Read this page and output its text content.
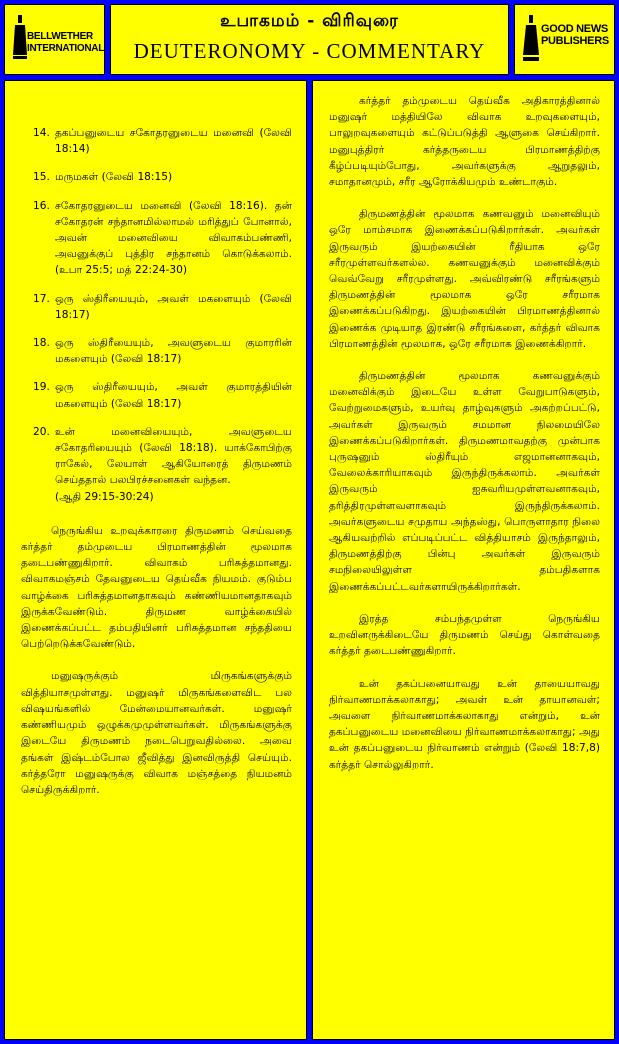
BELLWETHER
INTERNATIONAL
உபாகமம் - விரிவுரை
DEUTERONOMY - COMMENTARY
GOOD NEWS
PUBLISHERS
14. தகப்பனுடைய சகோதரனுடைய மனைவி (லேவி 18:14)
15. மருமகள் (லேவி 18:15)
16. சகோதரனுடைய மனைவி (லேவி 18:16). தன் சகோதரன் சந்தானமில்லாமல் மரித்துப் போனால், அவன் மனைவியை விவாகம்பண்ணி, அவனுக்குப் புத்திர சந்தானம் கொடுக்கலாம். (உபா 25:5; மத் 22:24-30)
17. ஒரு ஸ்திரீயையும், அவள் மகளையும் (லேவி 18:17)
18. ஒரு ஸ்திரீயையும், அவளுடைய குமாரரின் மகளையும் (லேவி 18:17)
19. ஒரு ஸ்திரீயையும், அவள் குமாரத்தியின் மகளையும் (லேவி 18:17)
20. உன் மனைவியையும், அவளுடைய சகோதரியையும் (லேவி 18:18). யாக்கோபிற்கு ராகேல், லேயாள் ஆகியோரைத் திருமணம் செய்ததால் பலபிரச்சனைகள் வந்தன.
(ஆதி 29:15-30:24)

நெருங்கிய உறவுக்காரரை திருமணம் செய்வதை கர்த்தர் தம்முடைய பிரமாணத்தின் மூலமாக தடைபண்ணுகிறார். விவாகம் பரிசுத்தமானது. விவாகமஞ்சம் தேவனுடைய தெய்வீக நியமம். குடும்ப வாழ்க்கை பரிசுத்தமானதாகவும் கண்ணியமானதாகவும் இருக்கவேண்டும். திருமண வாழ்க்கையில் இணைக்கப்பட்ட தம்பதியினர் பரிசுத்தமான சந்ததியை பெற்றெடுக்கவேண்டும்.

மனுஷருக்கும் மிருகங்களுக்கும் வித்தியாசமுள்ளது. மனுஷர் மிருகங்களைவிட பல விஷயங்களில் மேன்மையானவர்கள். மனுஷர் கண்ணியமும் ஒழுக்கமுமுள்ளவர்கள். மிருகங்களுக்கு இடையே திருமணம் நடைபெறுவதில்லை. அவை தங்கள் இஷ்டம்போல ஜீவித்து இனவிருத்தி செய்யும். கர்த்தரோ மனுஷருக்கு விவாக மஞ்சத்தை நியமனம் செய்திருக்கிறார்.

கர்த்தர் தம்முடைய தெய்வீக அதிகாரத்தினால் மனுஷர் மத்தியிலே விவாக உறவுகளையும், பாலுறவுகளையும் கட்டுப்படுத்தி ஆளுகை செய்கிறார். மனுபுத்திரர் கர்த்தருடைய பிரமாணத்திற்கு கீழ்ப்படியும்போது, அவர்களுக்கு ஆறுதலும், சமாதானமும், சரீர ஆரோக்கியமும் உண்டாகும்.

திருமணத்தின் மூலமாக கணவனும் மனைவியும் ஒரே மாம்சமாக இணைக்கப்படுகிறார்கள். அவர்கள் இருவரும் இயற்கையின் ரீதியாக ஒரே சரீரமுள்ளவர்களல்ல. கணவனுக்கும் மனைவிக்கும் வெவ்வேறு சரீரமுள்ளது. அவ்விரண்டு சரீரங்களும் திருமணத்தின் மூலமாக ஒரே சரீரமாக இணைக்கப்படுகிறது. இயற்கையின் பிரமாணத்தினால் இணைக்க முடியாத இரண்டு சரீரங்களை, கர்த்தர் விவாக பிரமாணத்தின் மூலமாக, ஒரே சரீரமாக இணைக்கிறார்.

திருமணத்தின் மூலமாக கணவனுக்கும் மனைவிக்கும் இடையே உள்ள வேறுபாடுகளும், வேற்றுமைகளும், உயர்வு தாழ்வுகளும் அகற்றப்பட்டு, அவர்கள் இருவரும் சமமான நிலமையிலே இணைக்கப்படுகிறார்கள். திருமணமாவதற்கு முன்பாக புருஷனும் ஸ்திரீயும் எஜமானனாகவும், வேலைக்காரியாகவும் இருந்திருக்கலாம். அவர்கள் இருவரும் ஐசுவரியமுள்ளவனாகவும், தரித்திரமுள்ளவளாகவும் இருந்திருக்கலாம். அவர்களுடைய சமுதாய அந்தஸ்து, பொருளாதார நிலை ஆகியவற்றில் எப்படிப்பட்ட வித்தியாசம் இருந்தாலும், திருமணத்திற்கு பின்பு அவர்கள் இருவரும் சமநிலையிலுள்ள தம்பதிகளாக இணைக்கப்பட்டவர்களாயிருக்கிறார்கள்.

இரத்த சம்பந்தமுள்ள நெருங்கிய உறவினருக்கிடையே திருமணம் செய்து கொள்வதை கர்த்தர் தடைபண்ணுகிறார்.

உன் தகப்பனையாவது உன் தாயையாவது நிர்வாணமாக்கலாகாது; அவள் உன் தாயானவள்; அவளை நிர்வாணமாக்கலாகாது என்றும், உன் தகப்பனுடைய மனைவியை நிர்வாணமாக்கலாகாது; அது உன் தகப்பனுடைய நிர்வாணம் என்றும் (லேவி 18:7,8) கர்த்தர் சொல்லுகிறார்.
